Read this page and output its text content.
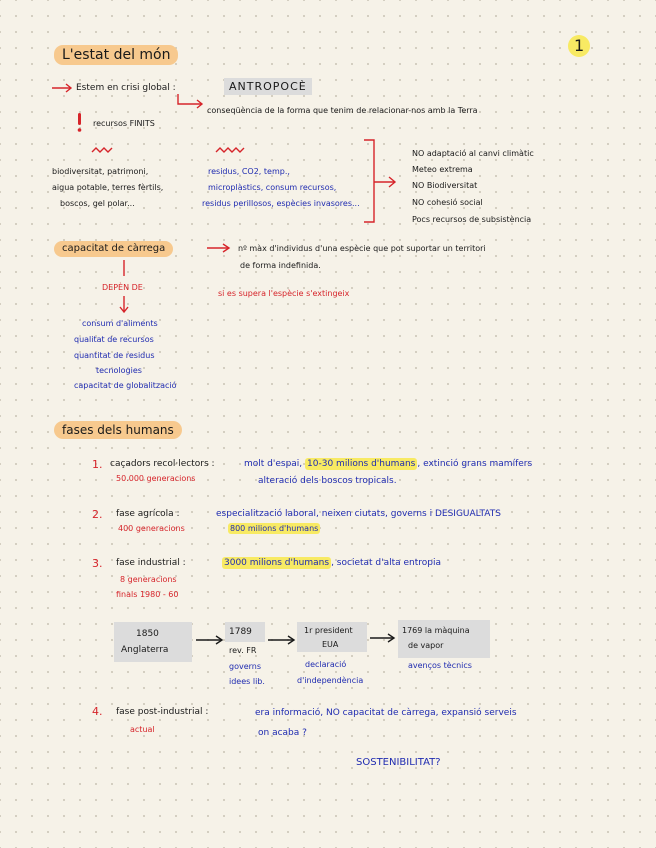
1
L'estat del món
Estem en crisi global :	ANTROPOCÈ
conseqüència de la forma que tenim de relacionar-nos amb la Terra
recursos FINITS
biodiversitat, patrimoni,
aigua potable, terres fèrtils,
boscos, gel polar...
residus, CO2, temp.,
microplàstics, consum recursos,
residus perillosos, espècies invasores...
NO adaptació al canvi climàtic
Meteo extrema
NO Biodiversitat
NO cohesió social
Pocs recursos de subsistència
capacitat de càrrega	nº màx d'individus d'una espècie que pot suportar un territori
de forma indefinida.
si es supera l'espècie s'extingeix
DEPÈN DE
consum d'aliments
qualitat de recursos
quantitat de residus
tecnologies
capacitat de globalització
fases dels humans
1. caçadors recol·lectors :
50.000 generacions
molt d'espai, 10-30 milions d'humans , extinció grans mamífers
alteració dels boscos tropicals.
2. fase agrícola :
400 generacions
especialització laboral, neixen ciutats, governs i DESIGUALTATS
800 milions d'humans
3. fase industrial :
8 generacions
finals 1980 - 60
3000 milions d'humans , societat d'alta entropia
1850
Anglaterra
1789
rev. FR
governs
idees lib.
1r president
EUA
declaració
d'independència
1769 la màquina
de vapor
avenços tècnics
4. fase post-industrial :
actual
era informació, NO capacitat de càrrega, expansió serveis
on acaba ?
SOSTENIBILITAT?
